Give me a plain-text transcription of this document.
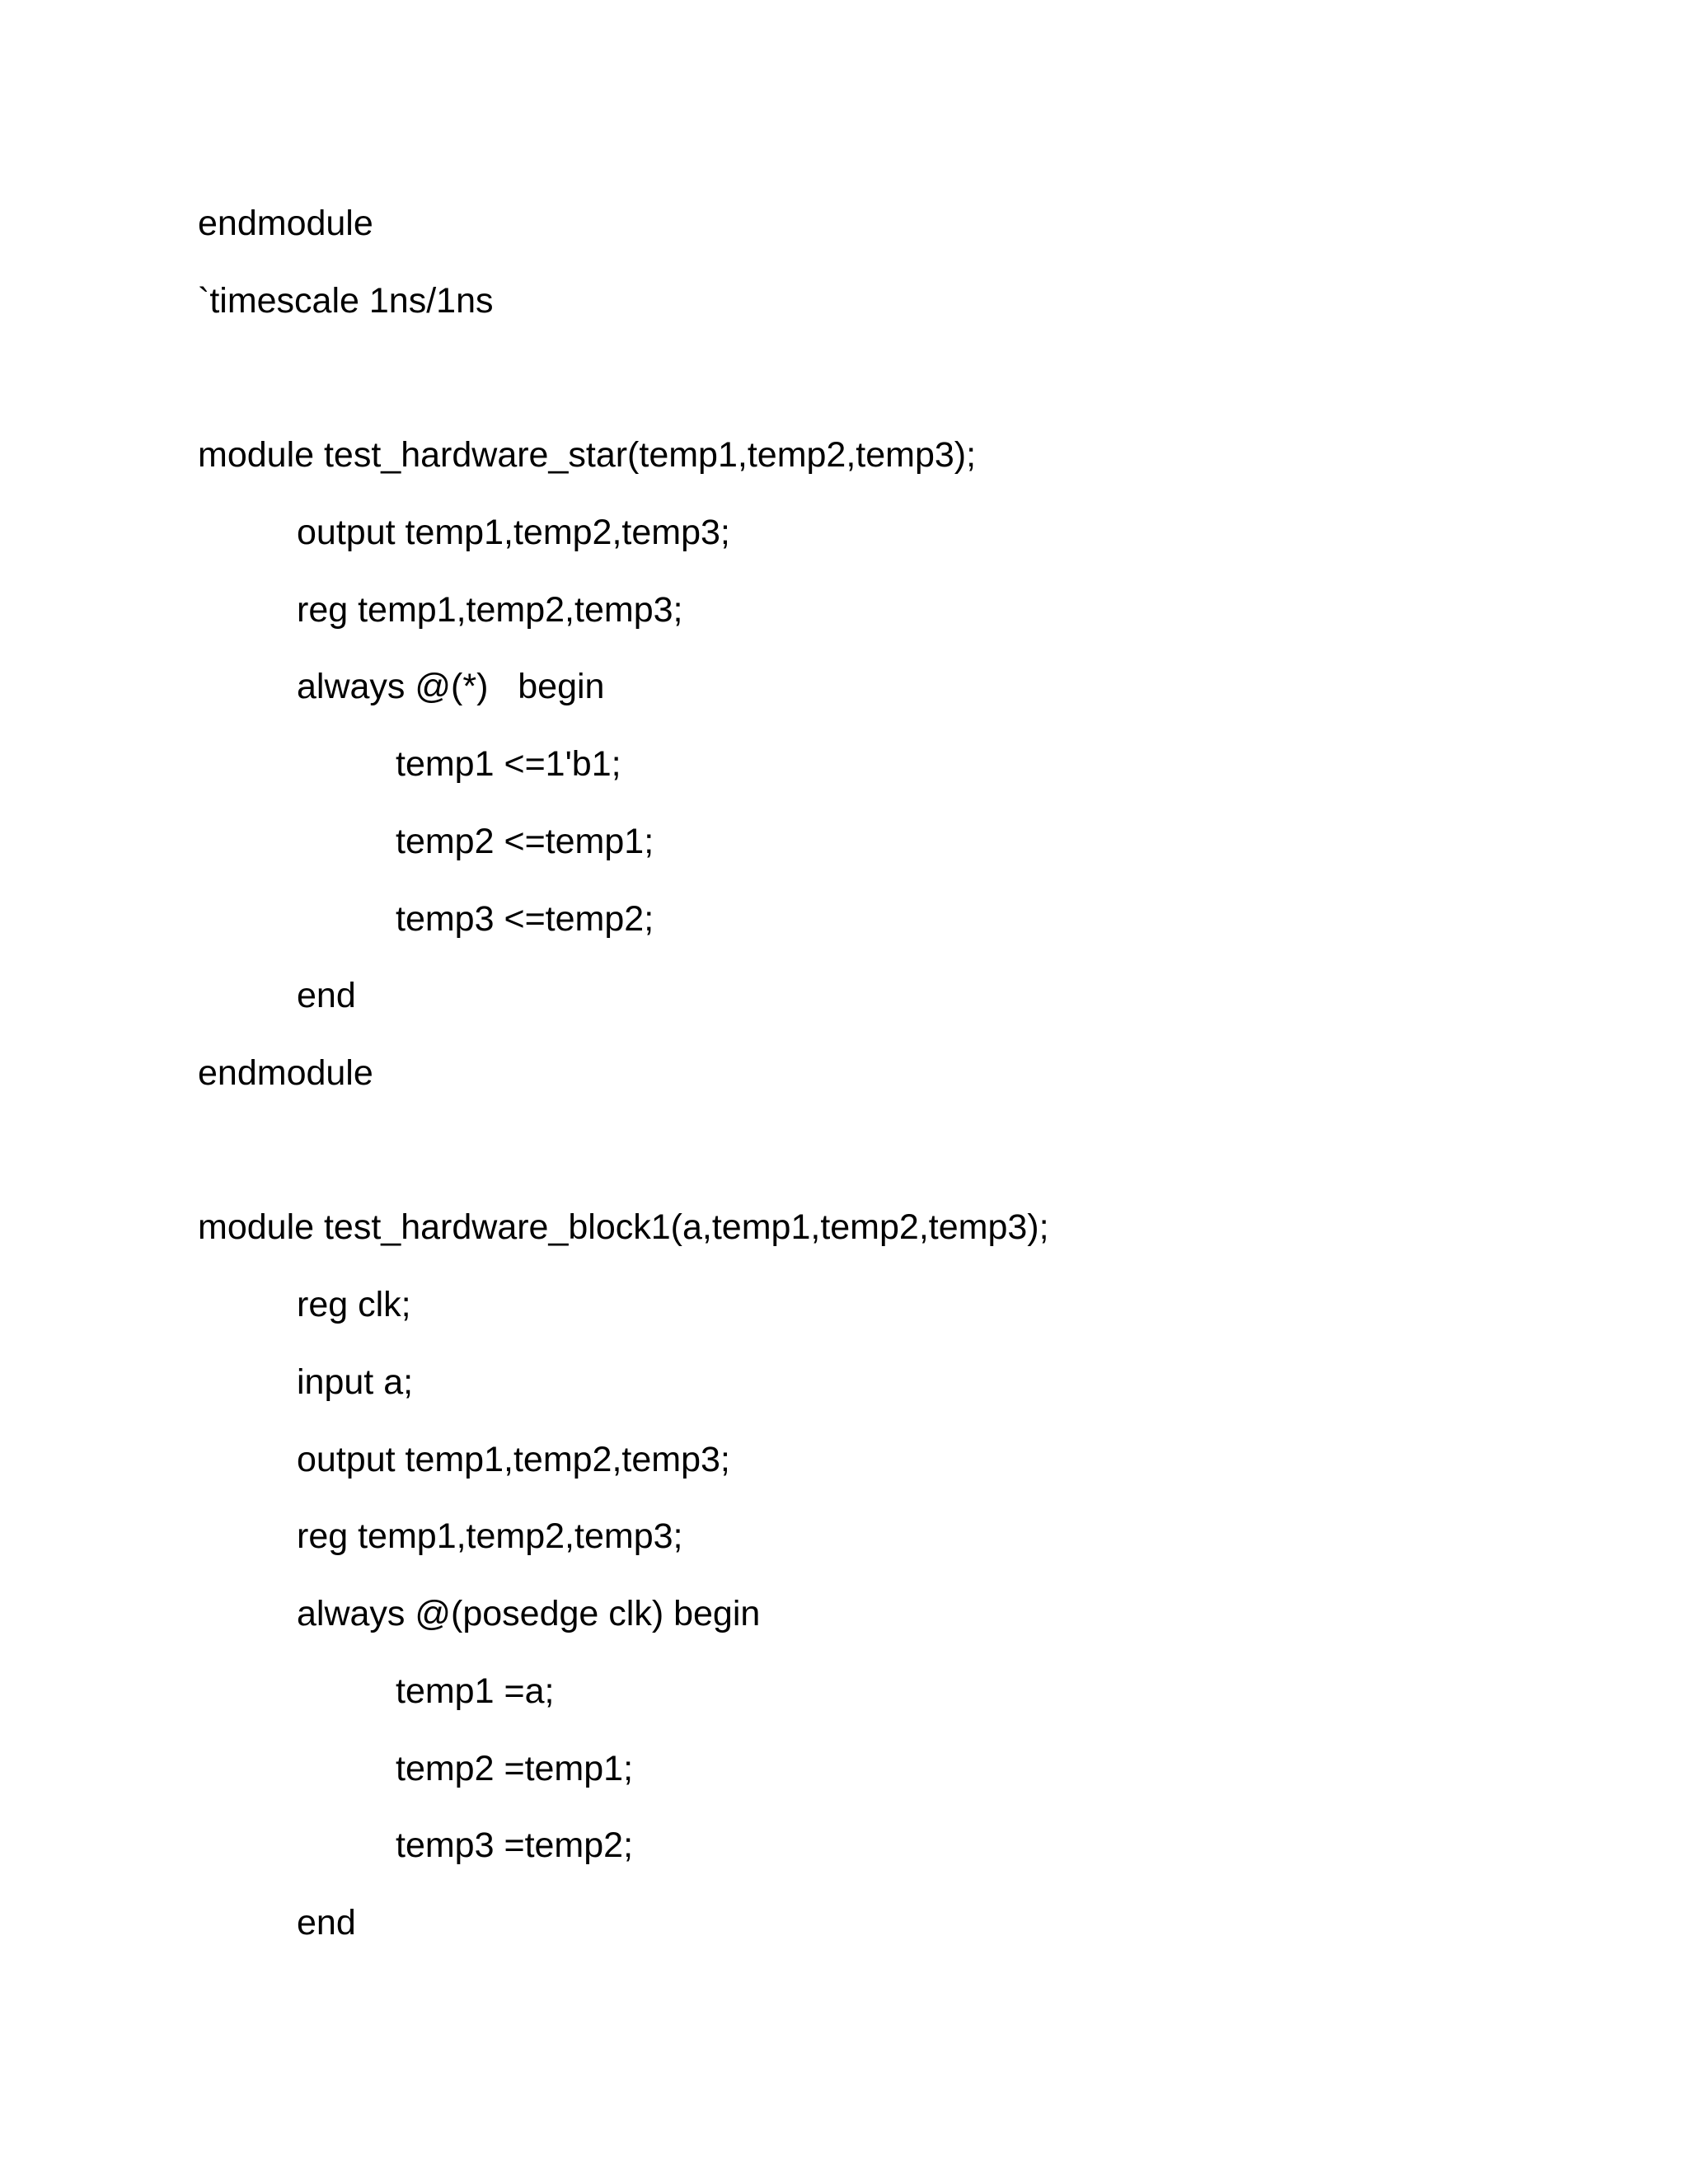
endmodule
`timescale 1ns/1ns
module test_hardware_star(temp1,temp2,temp3);
output temp1,temp2,temp3;
reg temp1,temp2,temp3;
always @(*)   begin
temp1 <=1'b1;
temp2 <=temp1;
temp3 <=temp2;
end
endmodule
module test_hardware_block1(a,temp1,temp2,temp3);
reg clk;
input a;
output temp1,temp2,temp3;
reg temp1,temp2,temp3;
always @(posedge clk) begin
temp1 =a;
temp2 =temp1;
temp3 =temp2;
end
